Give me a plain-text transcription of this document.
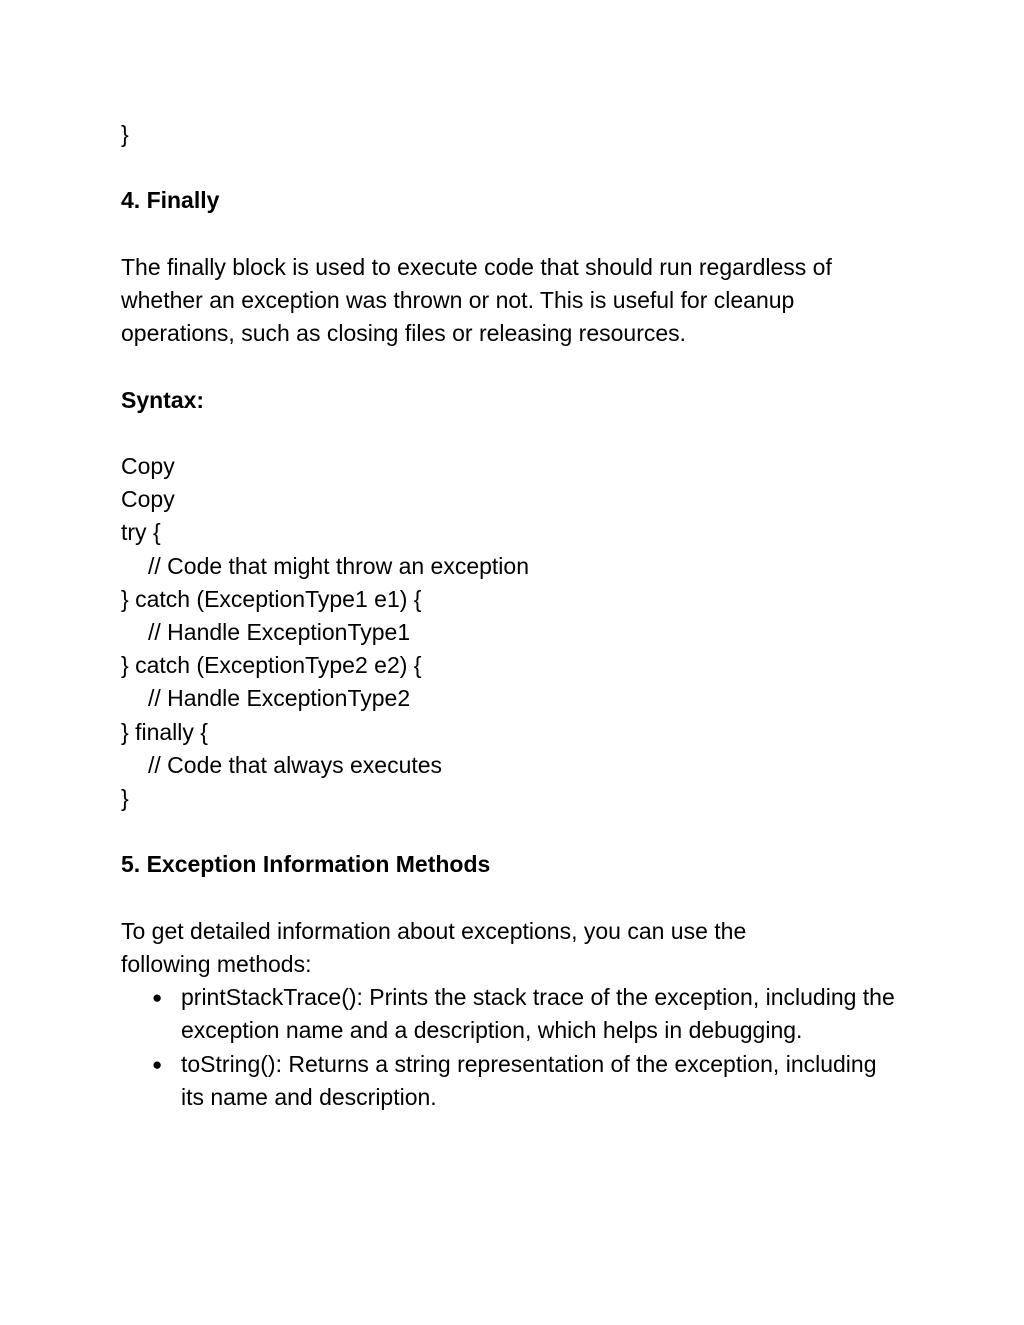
}
4. Finally
The finally block is used to execute code that should run regardless of whether an exception was thrown or not. This is useful for cleanup operations, such as closing files or releasing resources.
Syntax:
Copy
Copy
try {
// Code that might throw an exception
} catch (ExceptionType1 e1) {
// Handle ExceptionType1
} catch (ExceptionType2 e2) {
// Handle ExceptionType2
} finally {
// Code that always executes
}
5. Exception Information Methods
To get detailed information about exceptions, you can use the following methods:
● printStackTrace(): Prints the stack trace of the exception, including the exception name and a description, which helps in debugging.
● toString(): Returns a string representation of the exception, including its name and description.
